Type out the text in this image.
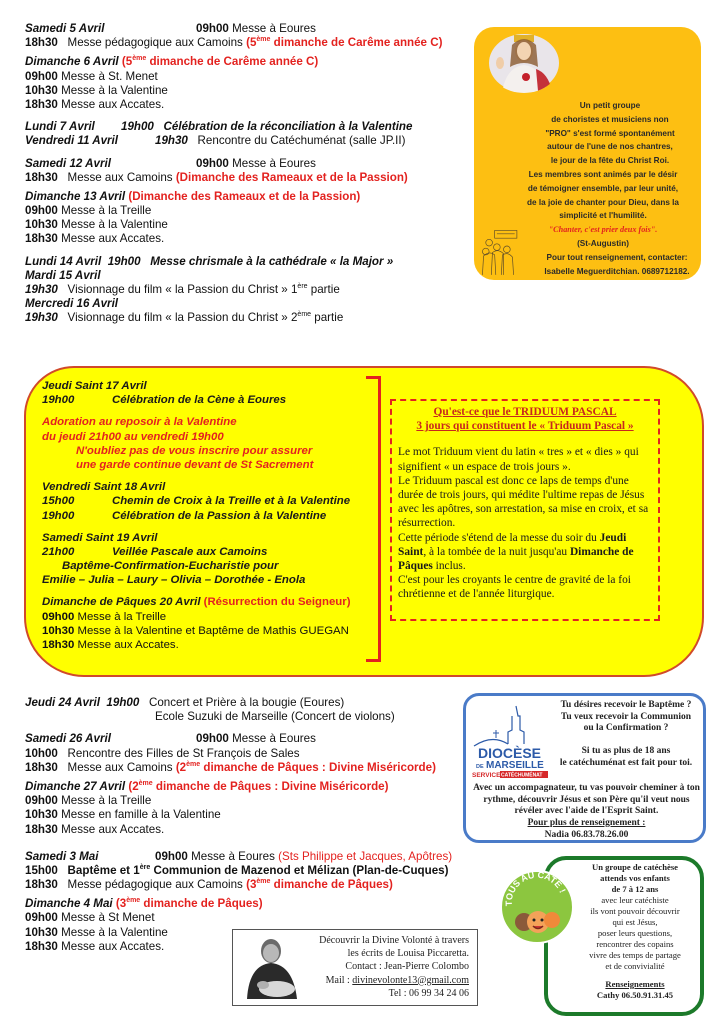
Samedi 5 Avril	09h00 Messe à Eoures
18h30 Messe pédagogique aux Camoins (5ème dimanche de Carême année C)
Dimanche 6 Avril (5ème dimanche de Carême année C)
09h00 Messe à St. Menet
10h30 Messe à la Valentine
18h30 Messe aux Accates.
Lundi 7 Avril 19h00 Célébration de la réconciliation à la Valentine
Vendredi 11 Avril	19h30 Rencontre du Catéchuménat (salle JP.II)
Samedi 12 Avril	09h00 Messe à Eoures
18h30 Messe aux Camoins (Dimanche des Rameaux et de la Passion)
Dimanche 13 Avril (Dimanche des Rameaux et de la Passion)
09h00 Messe à la Treille
10h30 Messe à la Valentine
18h30 Messe aux Accates.
Lundi 14 Avril 19h00 Messe chrismale à la cathédrale « la Major »
Mardi 15 Avril
19h30 Visionnage du film « la Passion du Christ » 1ère partie
Mercredi 16 Avril
19h30 Visionnage du film « la Passion du Christ » 2ème partie
Un petit groupe
de choristes et musiciens non
"PRO" s'est formé spontanément
autour de l'une de nos chantres,
le jour de la fête du Christ Roi.
Les membres sont animés par le désir
de témoigner ensemble, par leur unité,
de la joie de chanter pour Dieu, dans la
simplicité et l'humilité.
"Chanter, c'est prier deux fois".
(St-Augustin)
Pour tout renseignement, contacter:
Isabelle Meguerditchian. 0689712182.
Jeudi Saint 17 Avril
19h00	Célébration de la Cène à Eoures
Adoration au reposoir à la Valentine
du jeudi 21h00 au vendredi 19h00
N'oubliez pas de vous inscrire pour assurer
une garde continue devant de St Sacrement
Vendredi Saint 18 Avril
15h00	Chemin de Croix à la Treille et à la Valentine
19h00	Célébration de la Passion à la Valentine
Samedi Saint 19 Avril
21h00	Veillée Pascale aux Camoins
Baptême-Confirmation-Eucharistie pour
Emilie – Julia – Laury – Olivia – Dorothée - Enola
Dimanche de Pâques 20 Avril (Résurrection du Seigneur)
09h00 Messe à la Treille
10h30 Messe à la Valentine et Baptême de Mathis GUEGAN
18h30 Messe aux Accates.
Qu'est-ce que le TRIDUUM PASCAL
3 jours qui constituent le « Triduum Pascal »

Le mot Triduum vient du latin « tres » et « dies » qui signifient « un espace de trois jours ».

Le Triduum pascal est donc ce laps de temps d'une durée de trois jours, qui médite l'ultime repas de Jésus avec les apôtres, son arrestation, sa mise en croix, et sa résurrection.

Cette période s'étend de la messe du soir du Jeudi Saint, à la tombée de la nuit jusqu'au Dimanche de Pâques inclus.

C'est pour les croyants le centre de gravité de la foi chrétienne et de l'année liturgique.

Jeudi 24 Avril 19h00 Concert et Prière à la bougie (Eoures)
Ecole Suzuki de Marseille (Concert de violons)
Samedi 26 Avril	09h00 Messe à Eoures
10h00 Rencontre des Filles de St François de Sales
18h30 Messe aux Camoins (2ème dimanche de Pâques : Divine Miséricorde)
Dimanche 27 Avril (2ème dimanche de Pâques : Divine Miséricorde)
09h00 Messe à la Treille
10h30 Messe en famille à la Valentine
18h30 Messe aux Accates.
Samedi 3 Mai	09h00 Messe à Eoures (Sts Philippe et Jacques, Apôtres)
15h00 Baptême et 1ère Communion de Mazenod et Mélizan (Plan-de-Cuques)
18h30 Messe pédagogique aux Camoins (3ème dimanche de Pâques)
Dimanche 4 Mai (3ème dimanche de Pâques)
09h00 Messe à St Menet
10h30 Messe à la Valentine
18h30 Messe aux Accates.
DIOCÈSE
DE MARSEILLE
SERVICE CATÉCHUMÉNAT
Tu désires recevoir le Baptême ?
Tu veux recevoir la Communion
ou la Confirmation ?
Si tu as plus de 18 ans
le catéchuménat est fait pour toi.
Avec un accompagnateur, tu vas pouvoir cheminer à ton rythme, découvrir Jésus et son Père qu'il veut nous révéler avec l'aide de l'Esprit Saint.
Pour plus de renseignement :
Nadia 06.83.78.26.00
Un groupe de catéchèse
attends vos enfants
de 7 à 12 ans
avec leur catéchiste
ils vont pouvoir découvrir
qui est Jésus,
poser leurs questions,
rencontrer des copains
vivre des temps de partage
et de convivialité
Renseignements
Cathy 06.50.91.31.45
TOUS AU CATÉ !
Découvrir la Divine Volonté à travers
les écrits de Louisa Piccaretta.
Contact : Jean-Pierre Colombo
Mail : divinevolonte13@gmail.com
Tel : 06 99 34 24 06
